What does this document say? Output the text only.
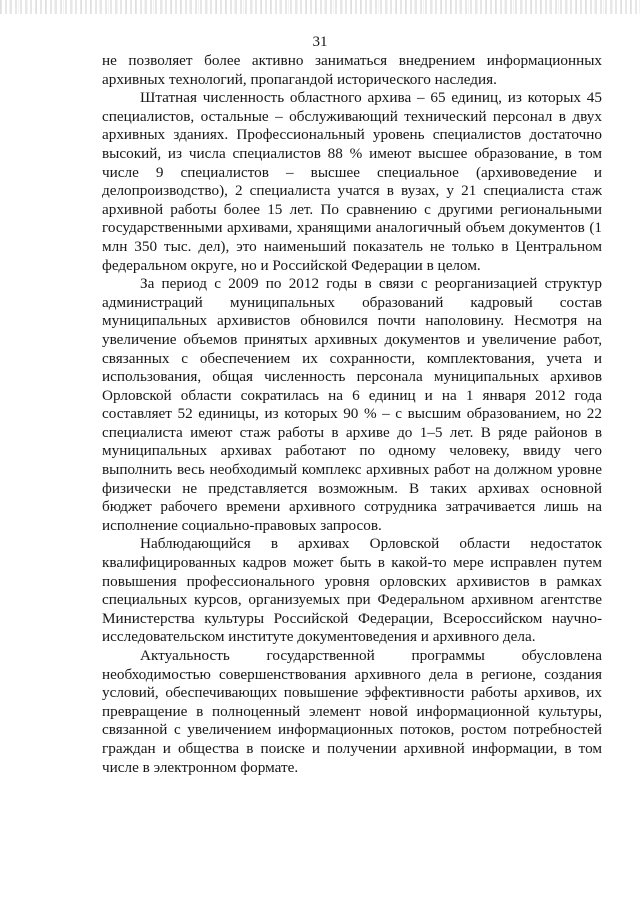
31

не позволяет более активно заниматься внедрением информационных архивных технологий, пропагандой исторического наследия.

Штатная численность областного архива – 65 единиц, из которых 45 специалистов, остальные – обслуживающий технический персонал в двух архивных зданиях. Профессиональный уровень специалистов достаточно высокий, из числа специалистов 88 % имеют высшее образование, в том числе 9 специалистов – высшее специальное (архивоведение и делопроизводство), 2 специалиста учатся в вузах, у 21 специалиста стаж архивной работы более 15 лет. По сравнению с другими региональными государственными архивами, хранящими аналогичный объем документов (1 млн 350 тыс. дел), это наименьший показатель не только в Центральном федеральном округе, но и Российской Федерации в целом.

За период с 2009 по 2012 годы в связи с реорганизацией структур администраций муниципальных образований кадровый состав муниципальных архивистов обновился почти наполовину. Несмотря на увеличение объемов принятых архивных документов и увеличение работ, связанных с обеспечением их сохранности, комплектования, учета и использования, общая численность персонала муниципальных архивов Орловской области сократилась на 6 единиц и на 1 января 2012 года составляет 52 единицы, из которых 90 % – с высшим образованием, но 22 специалиста имеют стаж работы в архиве до 1–5 лет. В ряде районов в муниципальных архивах работают по одному человеку, ввиду чего выполнить весь необходимый комплекс архивных работ на должном уровне физически не представляется возможным. В таких архивах основной бюджет рабочего времени архивного сотрудника затрачивается лишь на исполнение социально-правовых запросов.

Наблюдающийся в архивах Орловской области недостаток квалифицированных кадров может быть в какой-то мере исправлен путем повышения профессионального уровня орловских архивистов в рамках специальных курсов, организуемых при Федеральном архивном агентстве Министерства культуры Российской Федерации, Всероссийском научно-исследовательском институте документоведения и архивного дела.

Актуальность государственной программы обусловлена необходимостью совершенствования архивного дела в регионе, создания условий, обеспечивающих повышение эффективности работы архивов, их превращение в полноценный элемент новой информационной культуры, связанной с увеличением информационных потоков, ростом потребностей граждан и общества в поиске и получении архивной информации, в том числе в электронном формате.
